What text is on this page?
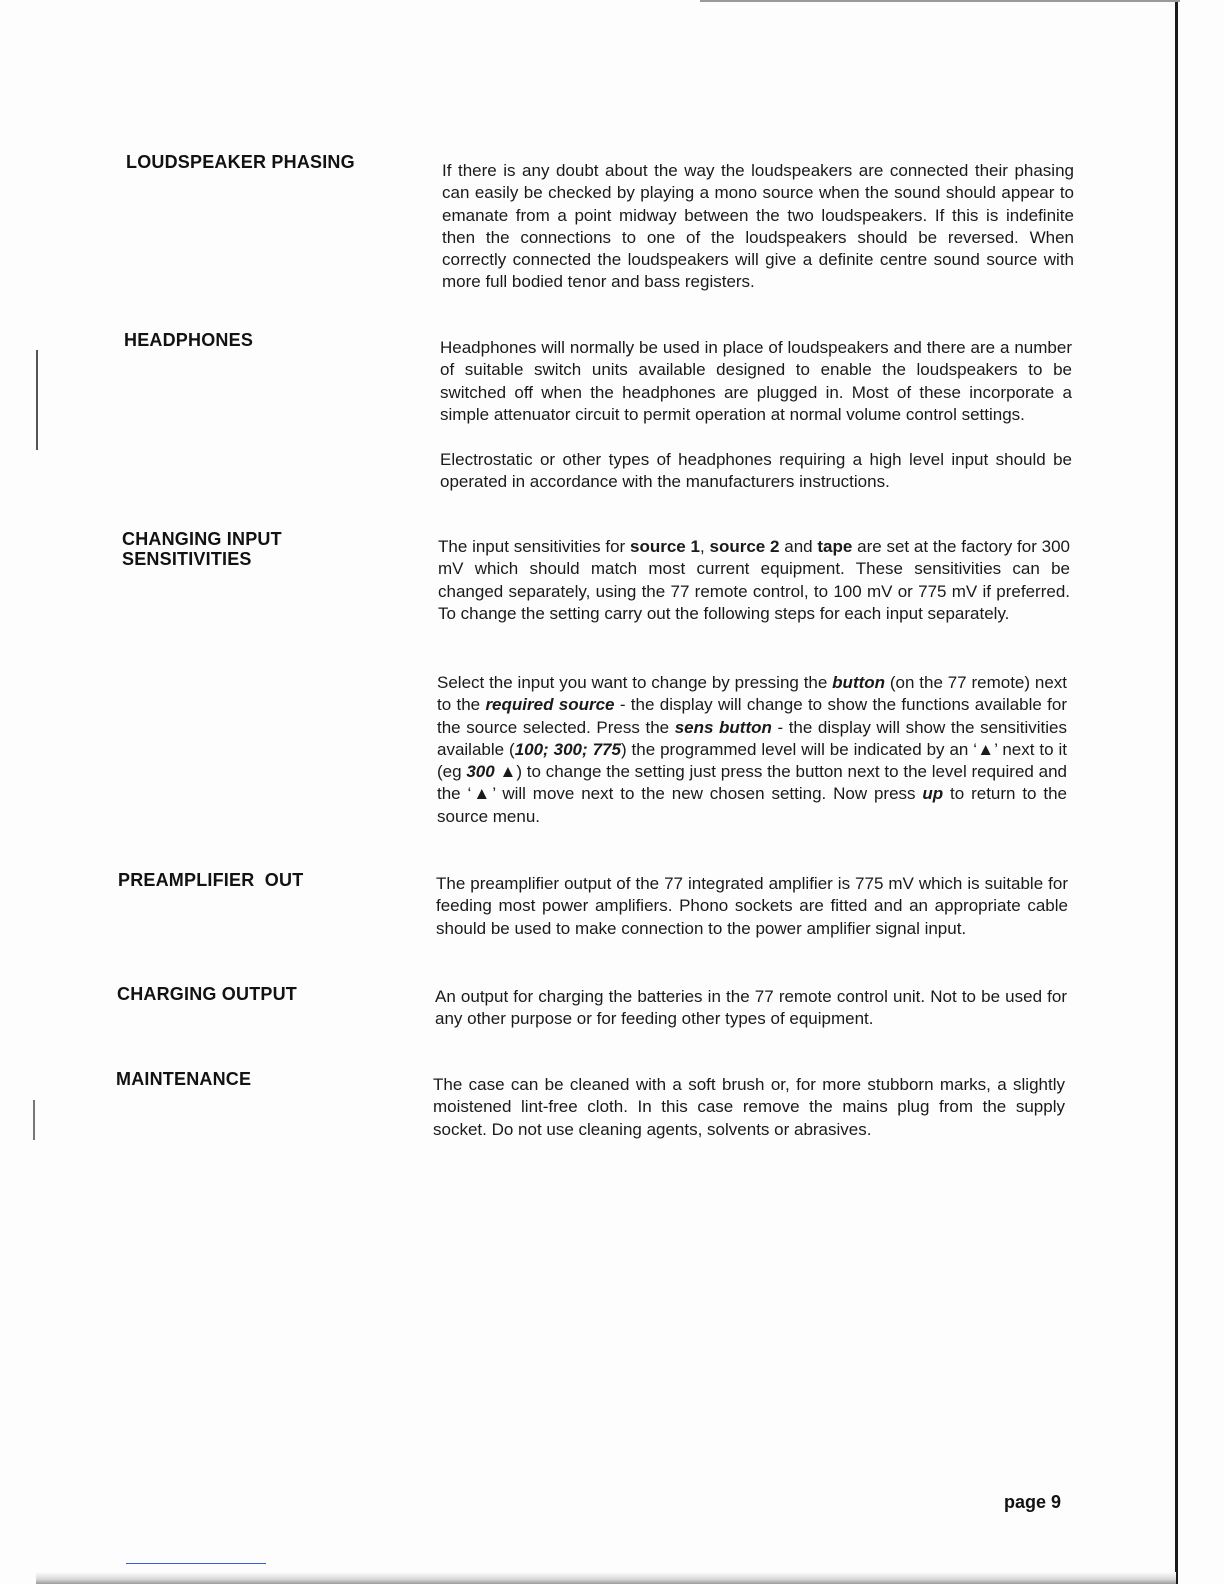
LOUDSPEAKER PHASING	If there is any doubt about the way the loudspeakers are connected their phasing can easily be checked by playing a mono source when the sound should appear to emanate from a point midway between the two loudspeakers. If this is indefinite then the connections to one of the loudspeakers should be reversed. When correctly connected the loudspeakers will give a definite centre sound source with more full bodied tenor and bass registers.

HEADPHONES	Headphones will normally be used in place of loudspeakers and there are a number of suitable switch units available designed to enable the loudspeakers to be switched off when the headphones are plugged in. Most of these incorporate a simple attenuator circuit to permit operation at normal volume control settings.

Electrostatic or other types of headphones requiring a high level input should be operated in accordance with the manufacturers instructions.

CHANGING INPUT
SENSITIVITIES

The input sensitivities for source 1, source 2 and tape are set at the factory for 300 mV which should match most current equipment. These sensitivities can be changed separately, using the 77 remote control, to 100 mV or 775 mV if preferred. To change the setting carry out the following steps for each input separately.

Select the input you want to change by pressing the button (on the 77 remote) next to the required source - the display will change to show the functions available for the source selected. Press the sens button - the display will show the sensitivities available (100; 300; 775) the programmed level will be indicated by an ‘▲’ next to it (eg 300 ▲) to change the setting just press the button next to the level required and the ‘▲’ will move next to the new chosen setting. Now press up to return to the source menu.

PREAMPLIFIER  OUT	The preamplifier output of the 77 integrated amplifier is 775 mV which is suitable for feeding most power amplifiers. Phono sockets are fitted and an appropriate cable should be used to make connection to the power amplifier signal input.

CHARGING OUTPUT	An output for charging the batteries in the 77 remote control unit. Not to be used for any other purpose or for feeding other types of equipment.

MAINTENANCE	The case can be cleaned with a soft brush or, for more stubborn marks, a slightly moistened lint-free cloth. In this case remove the mains plug from the supply socket. Do not use cleaning agents, solvents or abrasives.

page 9
